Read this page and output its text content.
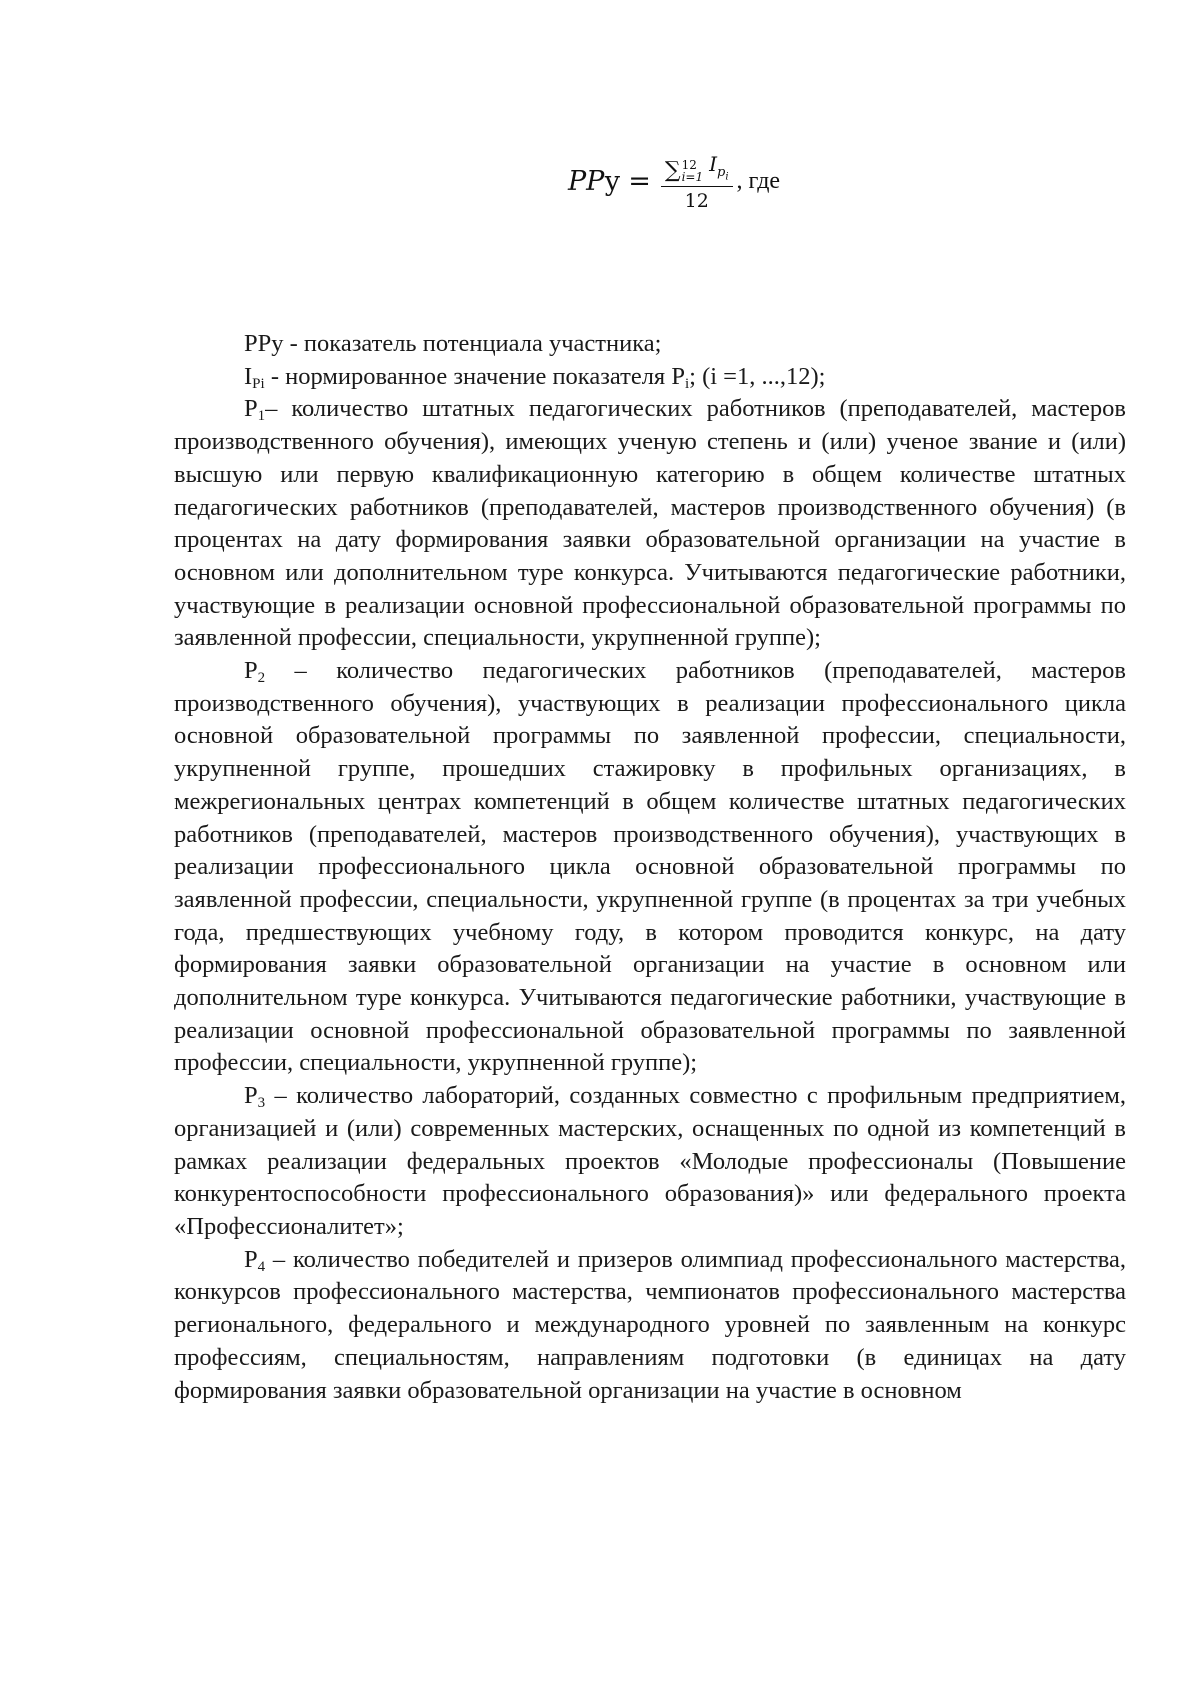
PPу = ∑ 12
i=1
$I_{p_i}$
12
, где

PPу - показатель потенциала участника;

$I_{Pi}$ - нормированное значение показателя $P_i$; (i =1, ...,12);

$P_1-$ количество штатных педагогических работников (преподавателей, мастеров производственного обучения), имеющих ученую степень и (или) ученое звание и (или) высшую или первую квалификационную категорию в общем количестве штатных педагогических работников (преподавателей, мастеров производственного обучения) (в процентах на дату формирования заявки образовательной организации на участие в основном или дополнительном туре конкурса. Учитываются педагогические работники, участвующие в реализации основной профессиональной образовательной программы по заявленной профессии, специальности, укрупненной группе);

$P_2$ – количество педагогических работников (преподавателей, мастеров производственного обучения), участвующих в реализации профессионального цикла основной образовательной программы по заявленной профессии, специальности, укрупненной группе, прошедших стажировку в профильных организациях, в межрегиональных центрах компетенций в общем количестве штатных педагогических работников (преподавателей, мастеров производственного обучения), участвующих в реализации профессионального цикла основной образовательной программы по заявленной профессии, специальности, укрупненной группе (в процентах за три учебных года, предшествующих учебному году, в котором проводится конкурс, на дату формирования заявки образовательной организации на участие в основном или дополнительном туре конкурса. Учитываются педагогические работники, участвующие в реализации основной профессиональной образовательной программы по заявленной профессии, специальности, укрупненной группе);

$P_3$ – количество лабораторий, созданных совместно с профильным предприятием, организацией и (или) современных мастерских, оснащенных по одной из компетенций в рамках реализации федеральных проектов «Молодые профессионалы (Повышение конкурентоспособности профессионального образования)» или федерального проекта «Профессионалитет»;

$P_4$ – количество победителей и призеров олимпиад профессионального мастерства, конкурсов профессионального мастерства, чемпионатов профессионального мастерства регионального, федерального и международного уровней по заявленным на конкурс профессиям, специальностям, направлениям подготовки (в единицах на дату формирования заявки образовательной организации на участие в основном
